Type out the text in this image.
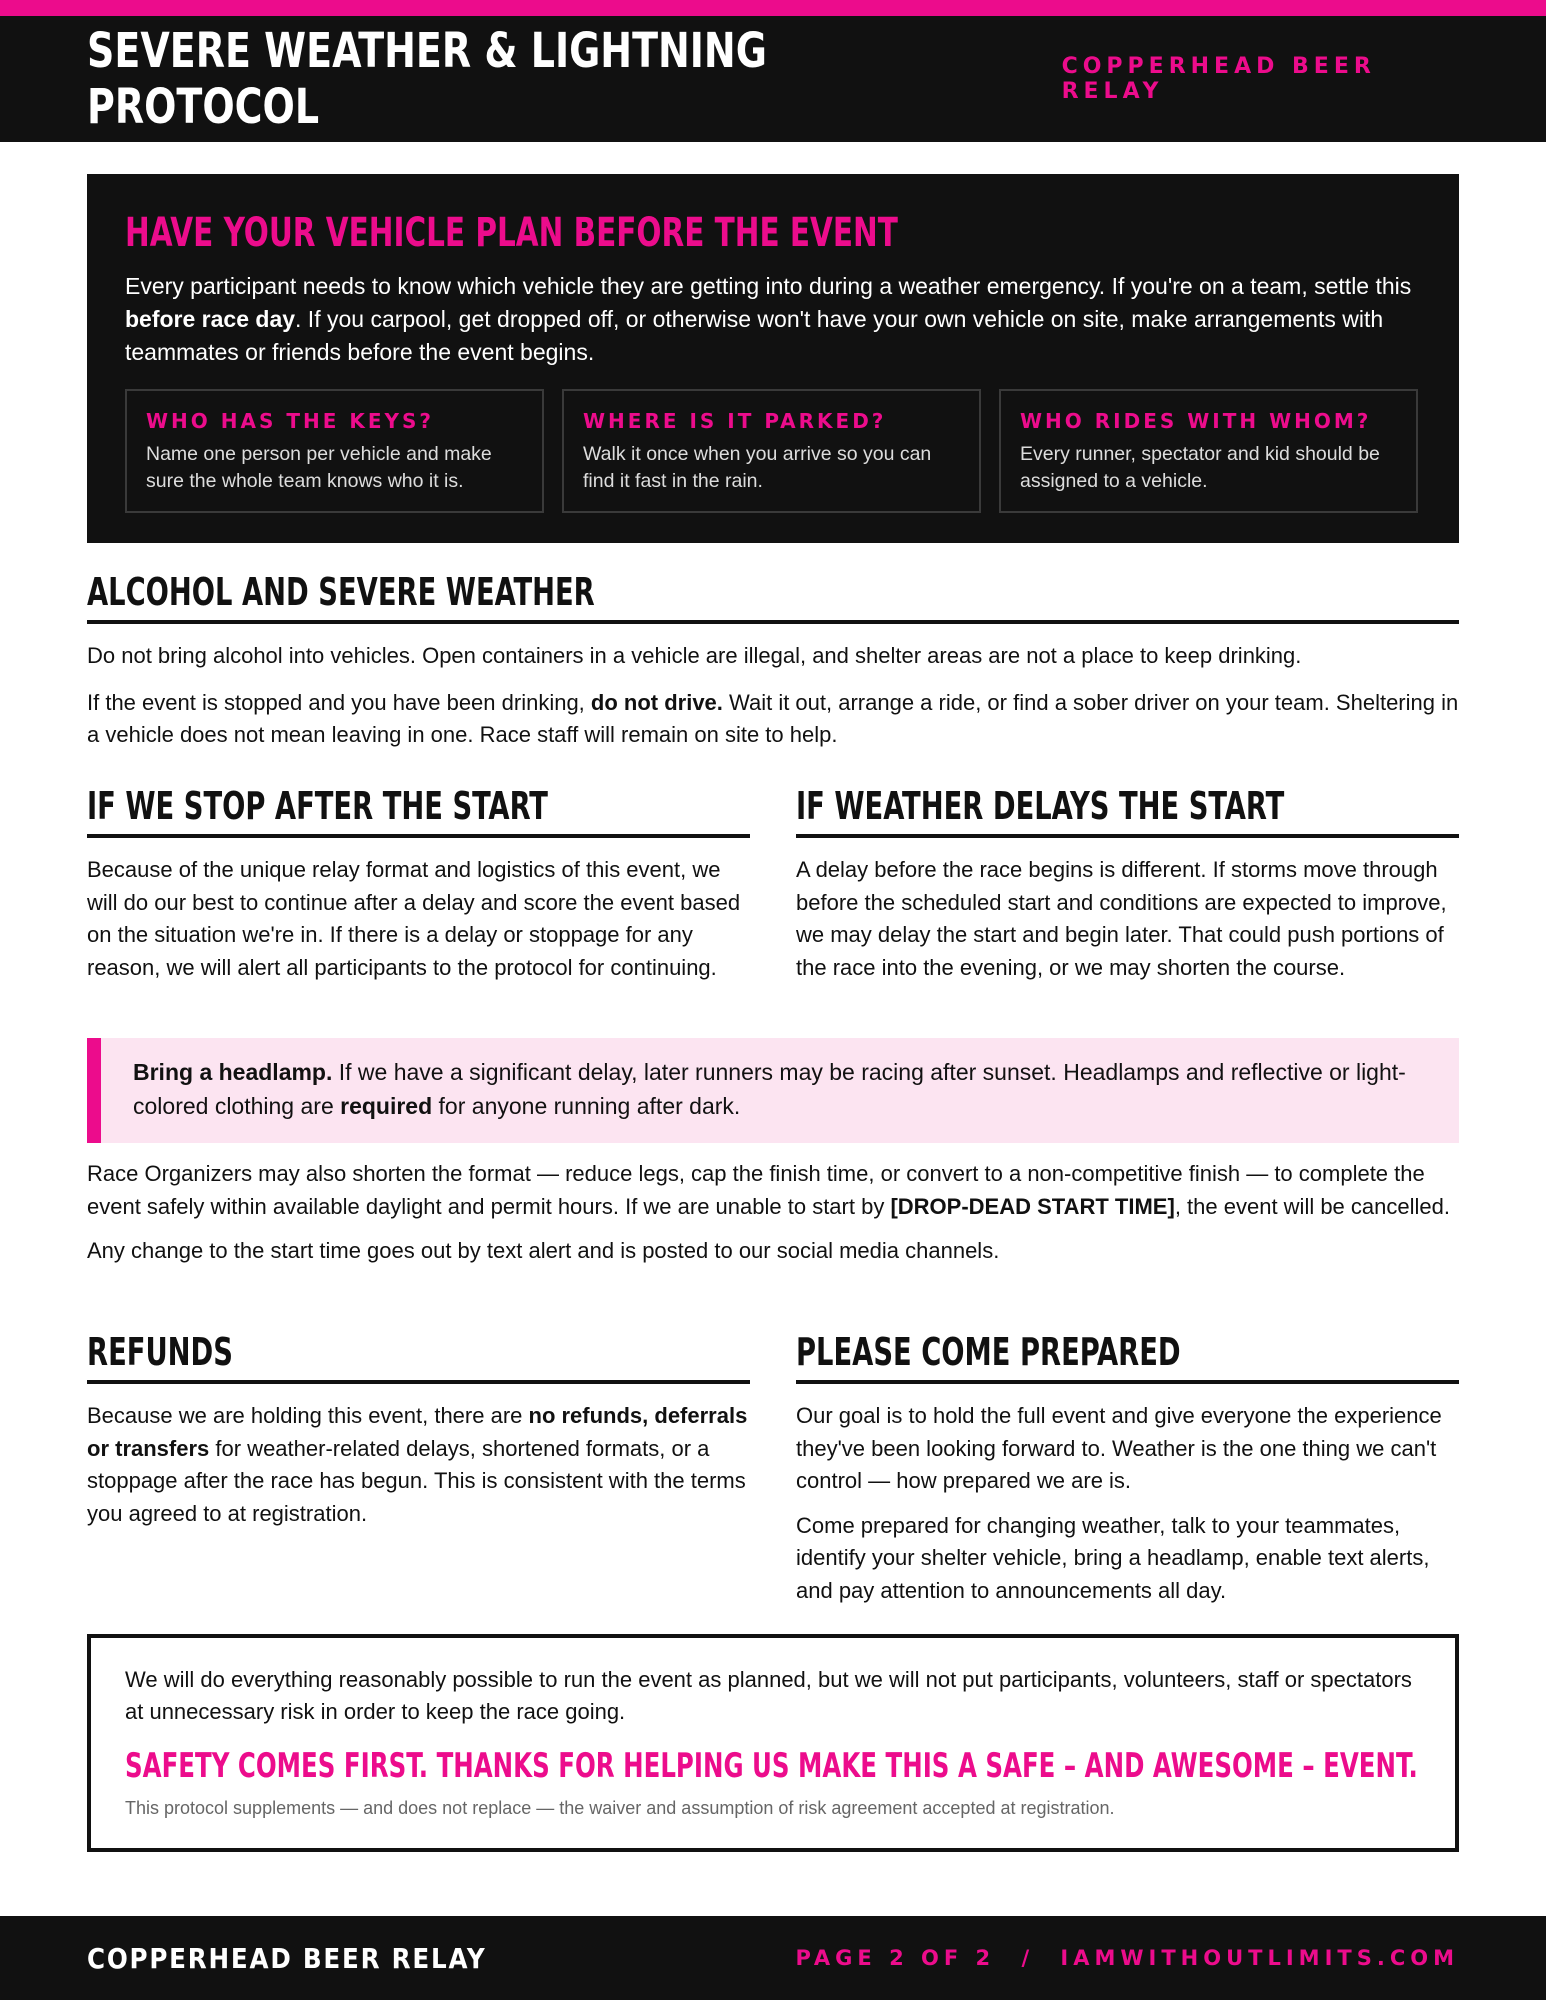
SEVERE WEATHER & LIGHTNING PROTOCOL
COPPERHEAD BEER RELAY
HAVE YOUR VEHICLE PLAN BEFORE THE EVENT

Every participant needs to know which vehicle they are getting into during a weather emergency. If you're on a team, settle this before race day. If you carpool, get dropped off, or otherwise won't have your own vehicle on site, make arrangements with teammates or friends before the event begins.

WHO HAS THE KEYS?
Name one person per vehicle and make sure the whole team knows who it is.
WHERE IS IT PARKED?
Walk it once when you arrive so you can find it fast in the rain.
WHO RIDES WITH WHOM?
Every runner, spectator and kid should be assigned to a vehicle.
ALCOHOL AND SEVERE WEATHER

Do not bring alcohol into vehicles. Open containers in a vehicle are illegal, and shelter areas are not a place to keep drinking.

If the event is stopped and you have been drinking, do not drive. Wait it out, arrange a ride, or find a sober driver on your team. Sheltering in a vehicle does not mean leaving in one. Race staff will remain on site to help.

IF WE STOP AFTER THE START

Because of the unique relay format and logistics of this event, we will do our best to continue after a delay and score the event based on the situation we're in. If there is a delay or stoppage for any reason, we will alert all participants to the protocol for continuing.

IF WEATHER DELAYS THE START

A delay before the race begins is different. If storms move through before the scheduled start and conditions are expected to improve, we may delay the start and begin later. That could push portions of the race into the evening, or we may shorten the course.

Bring a headlamp. If we have a significant delay, later runners may be racing after sunset. Headlamps and reflective or light-colored clothing are required for anyone running after dark.

Race Organizers may also shorten the format — reduce legs, cap the finish time, or convert to a non-competitive finish — to complete the event safely within available daylight and permit hours. If we are unable to start by [DROP-DEAD START TIME], the event will be cancelled.

Any change to the start time goes out by text alert and is posted to our social media channels.

REFUNDS

Because we are holding this event, there are no refunds, deferrals or transfers for weather-related delays, shortened formats, or a stoppage after the race has begun. This is consistent with the terms you agreed to at registration.

PLEASE COME PREPARED

Our goal is to hold the full event and give everyone the experience they've been looking forward to. Weather is the one thing we can't control — how prepared we are is.

Come prepared for changing weather, talk to your teammates, identify your shelter vehicle, bring a headlamp, enable text alerts, and pay attention to announcements all day.

We will do everything reasonably possible to run the event as planned, but we will not put participants, volunteers, staff or spectators at unnecessary risk in order to keep the race going.

SAFETY COMES FIRST. THANKS FOR HELPING US MAKE THIS A SAFE – AND AWESOME – EVENT.

This protocol supplements — and does not replace — the waiver and assumption of risk agreement accepted at registration.

COPPERHEAD BEER RELAY	PAGE 2 OF 2 / IAMWITHOUTLIMITS.COM
